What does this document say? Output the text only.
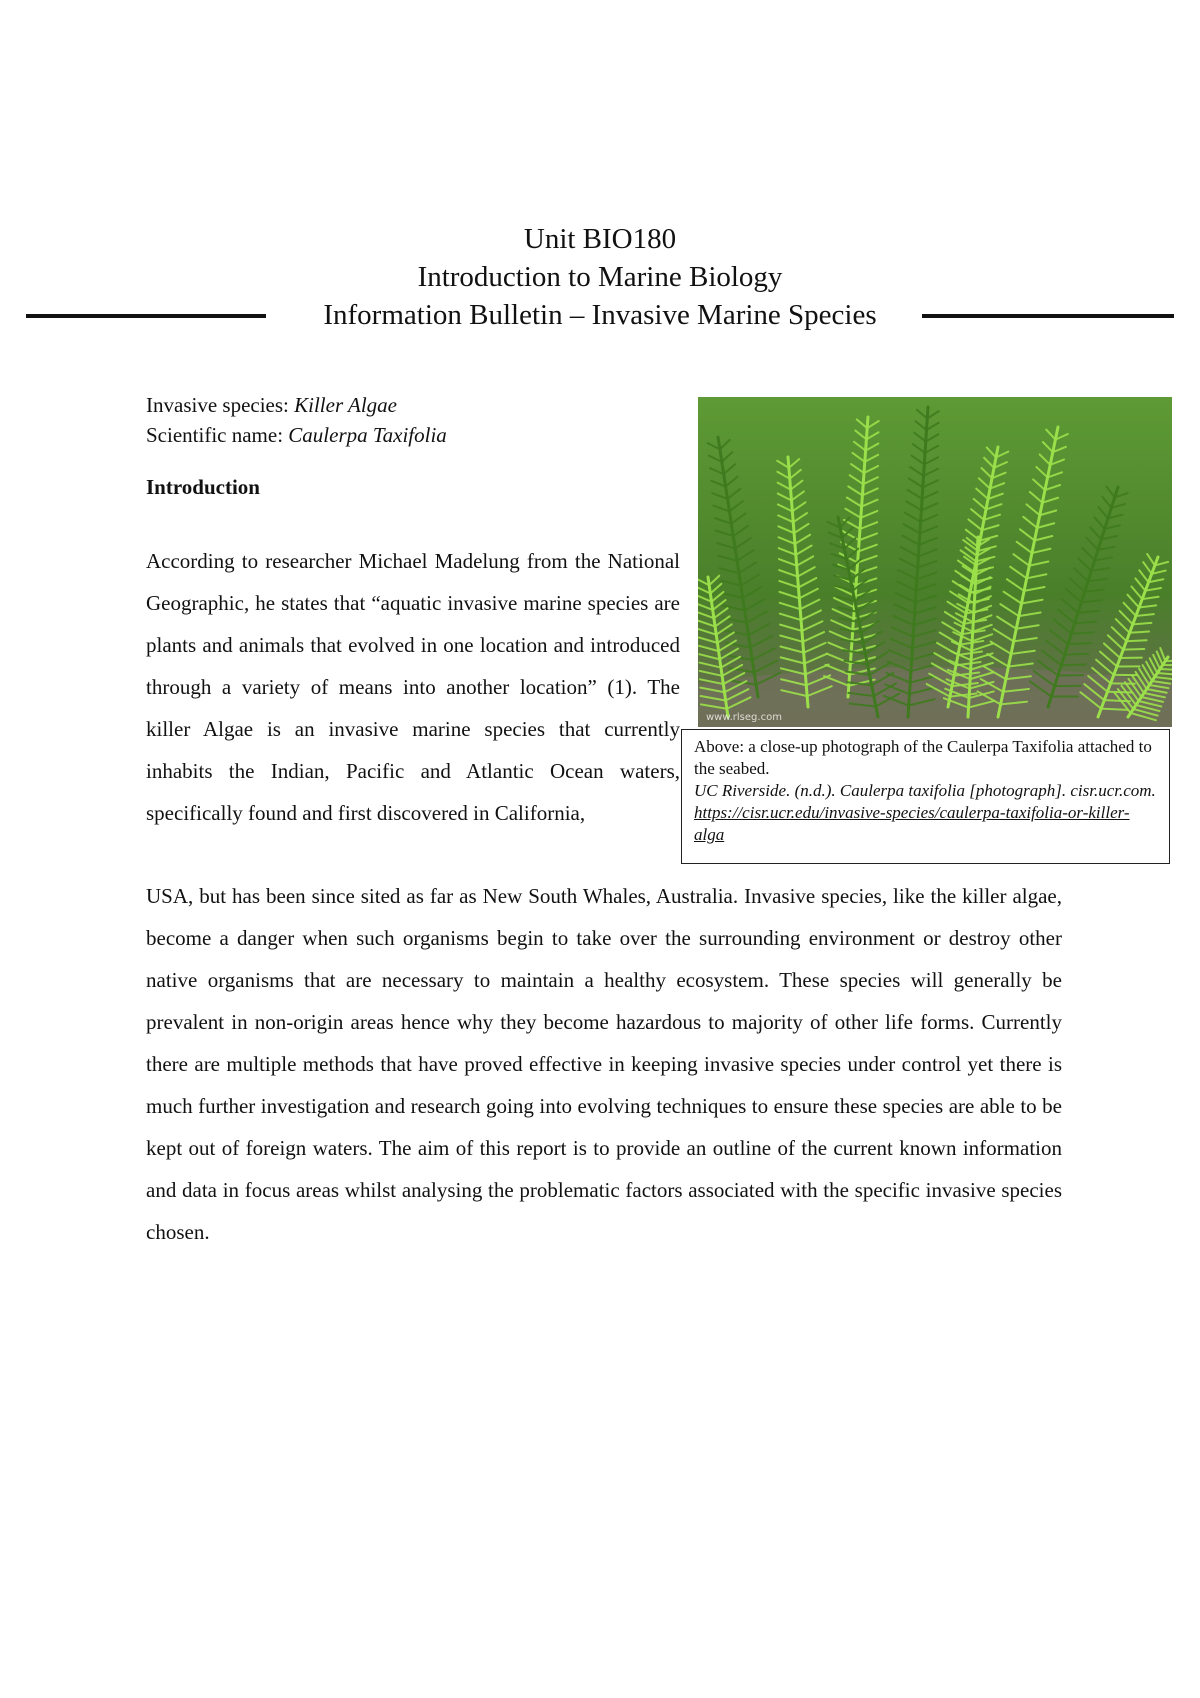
Unit BIO180
Introduction to Marine Biology
Information Bulletin – Invasive Marine Species
Invasive species: Killer Algae
Scientific name: Caulerpa Taxifolia
Introduction

According to researcher Michael Madelung from the National Geographic, he states that “aquatic invasive marine species are plants and animals that evolved in one location and introduced through a variety of means into another location” (1). The killer Algae is an invasive marine species that currently inhabits the Indian, Pacific and Atlantic Ocean waters, specifically found and first discovered in California,

USA, but has been since sited as far as New South Whales, Australia. Invasive species, like the killer algae, become a danger when such organisms begin to take over the surrounding environment or destroy other native organisms that are necessary to maintain a healthy ecosystem. These species will generally be prevalent in non-origin areas hence why they become hazardous to majority of other life forms. Currently there are multiple methods that have proved effective in keeping invasive species under control yet there is much further investigation and research going into evolving techniques to ensure these species are able to be kept out of foreign waters. The aim of this report is to provide an outline of the current known information and data in focus areas whilst analysing the problematic factors associated with the specific invasive species chosen.

www.rlseg.com
Above: a close-up photograph of the Caulerpa Taxifolia attached to the seabed.
UC Riverside. (n.d.). Caulerpa taxifolia [photograph]. cisr.ucr.com. https://cisr.ucr.edu/invasive-species/caulerpa-taxifolia-or-killer-alga
